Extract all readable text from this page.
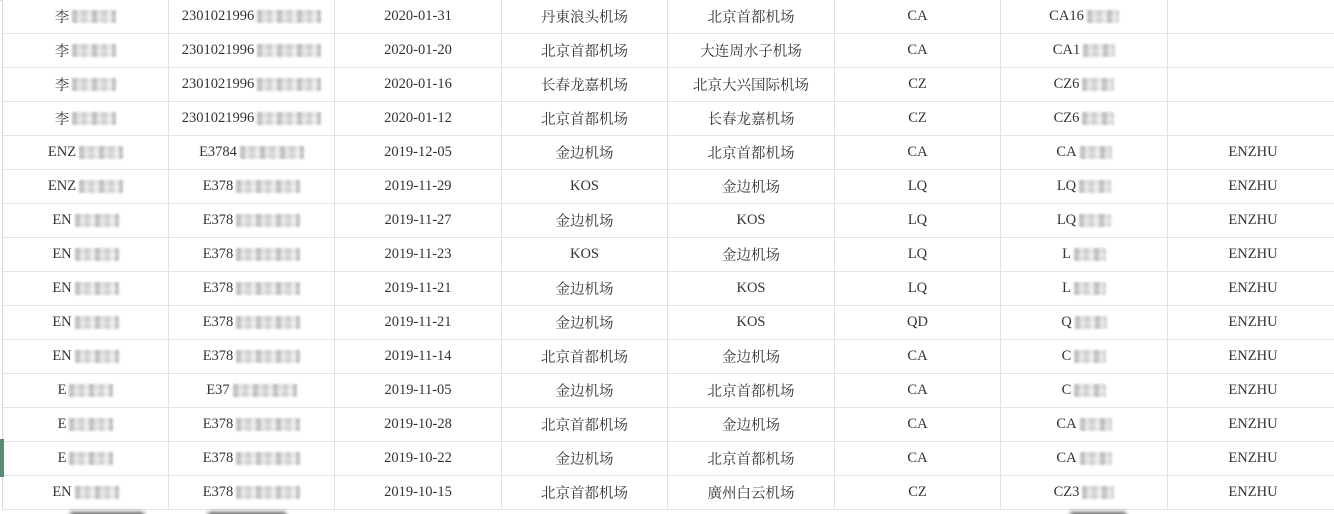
李	2301021996	2020-01-31	丹東浪头机场	北京首都机场	CA	CA16
李	2301021996	2020-01-20	北京首都机场	大连周水子机场	CA	CA1
李	2301021996	2020-01-16	长春龙嘉机场	北京大兴国际机场	CZ	CZ6
李	2301021996	2020-01-12	北京首都机场	长春龙嘉机场	CZ	CZ6
ENZ	E3784	2019-12-05	金边机场	北京首都机场	CA	CA	ENZHU
ENZ	E378	2019-11-29	KOS	金边机场	LQ	LQ	ENZHU
EN	E378	2019-11-27	金边机场	KOS	LQ	LQ	ENZHU
EN	E378	2019-11-23	KOS	金边机场	LQ	L	ENZHU
EN	E378	2019-11-21	金边机场	KOS	LQ	L	ENZHU
EN	E378	2019-11-21	金边机场	KOS	QD	Q	ENZHU
EN	E378	2019-11-14	北京首都机场	金边机场	CA	C	ENZHU
E	E37	2019-11-05	金边机场	北京首都机场	CA	C	ENZHU
E	E378	2019-10-28	北京首都机场	金边机场	CA	CA	ENZHU
E	E378	2019-10-22	金边机场	北京首都机场	CA	CA	ENZHU
EN	E378	2019-10-15	北京首都机场	廣州白云机场	CZ	CZ3	ENZHU
